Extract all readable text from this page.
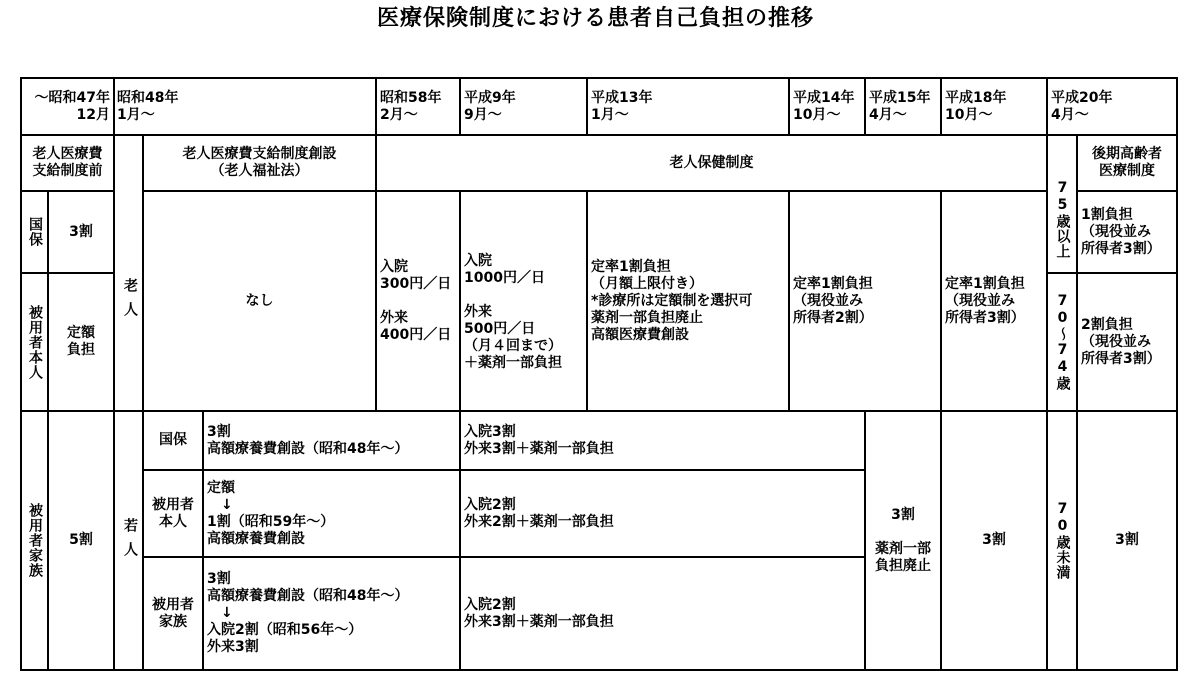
医療保険制度における患者自己負担の推移
～昭和47年
12月
昭和48年
1月～
昭和58年
2月～
平成9年
9月～
平成13年
1月～
平成14年
10月～
平成15年
4月～
平成18年
10月～
平成20年
4月～
老人医療費
支給制度前
老人医療費支給制度創設
（老人福祉法）
老人保健制度
後期高齢者
医療制度
老人
国保 3割
被用者本人 定額
負担
なし
入院
300円／日

外来
400円／日
入院
1000円／日

外来
500円／日
（月４回まで）
＋薬剤一部負担
定率1割負担
（月額上限付き）
*診療所は定額制を選択可
薬剤一部負担廃止
高額医療費創設
定率1割負担
（現役並み
所得者2割）
定率1割負担
（現役並み
所得者3割）
75歳以上
70〜74歳
1割負担
（現役並み
所得者3割）
2割負担
（現役並み
所得者3割）
被用者家族 5割 若人
国保
被用者
本人
被用者
家族
3割
高額療養費創設（昭和48年～）
定額
　↓
1割（昭和59年～）
高額療養費創設
3割
高額療養費創設（昭和48年～）
　↓
入院2割（昭和56年～）
外来3割
入院3割
外来3割＋薬剤一部負担
入院2割
外来2割＋薬剤一部負担
入院2割
外来3割＋薬剤一部負担
3割

薬剤一部
負担廃止
3割	70歳未満	3割
